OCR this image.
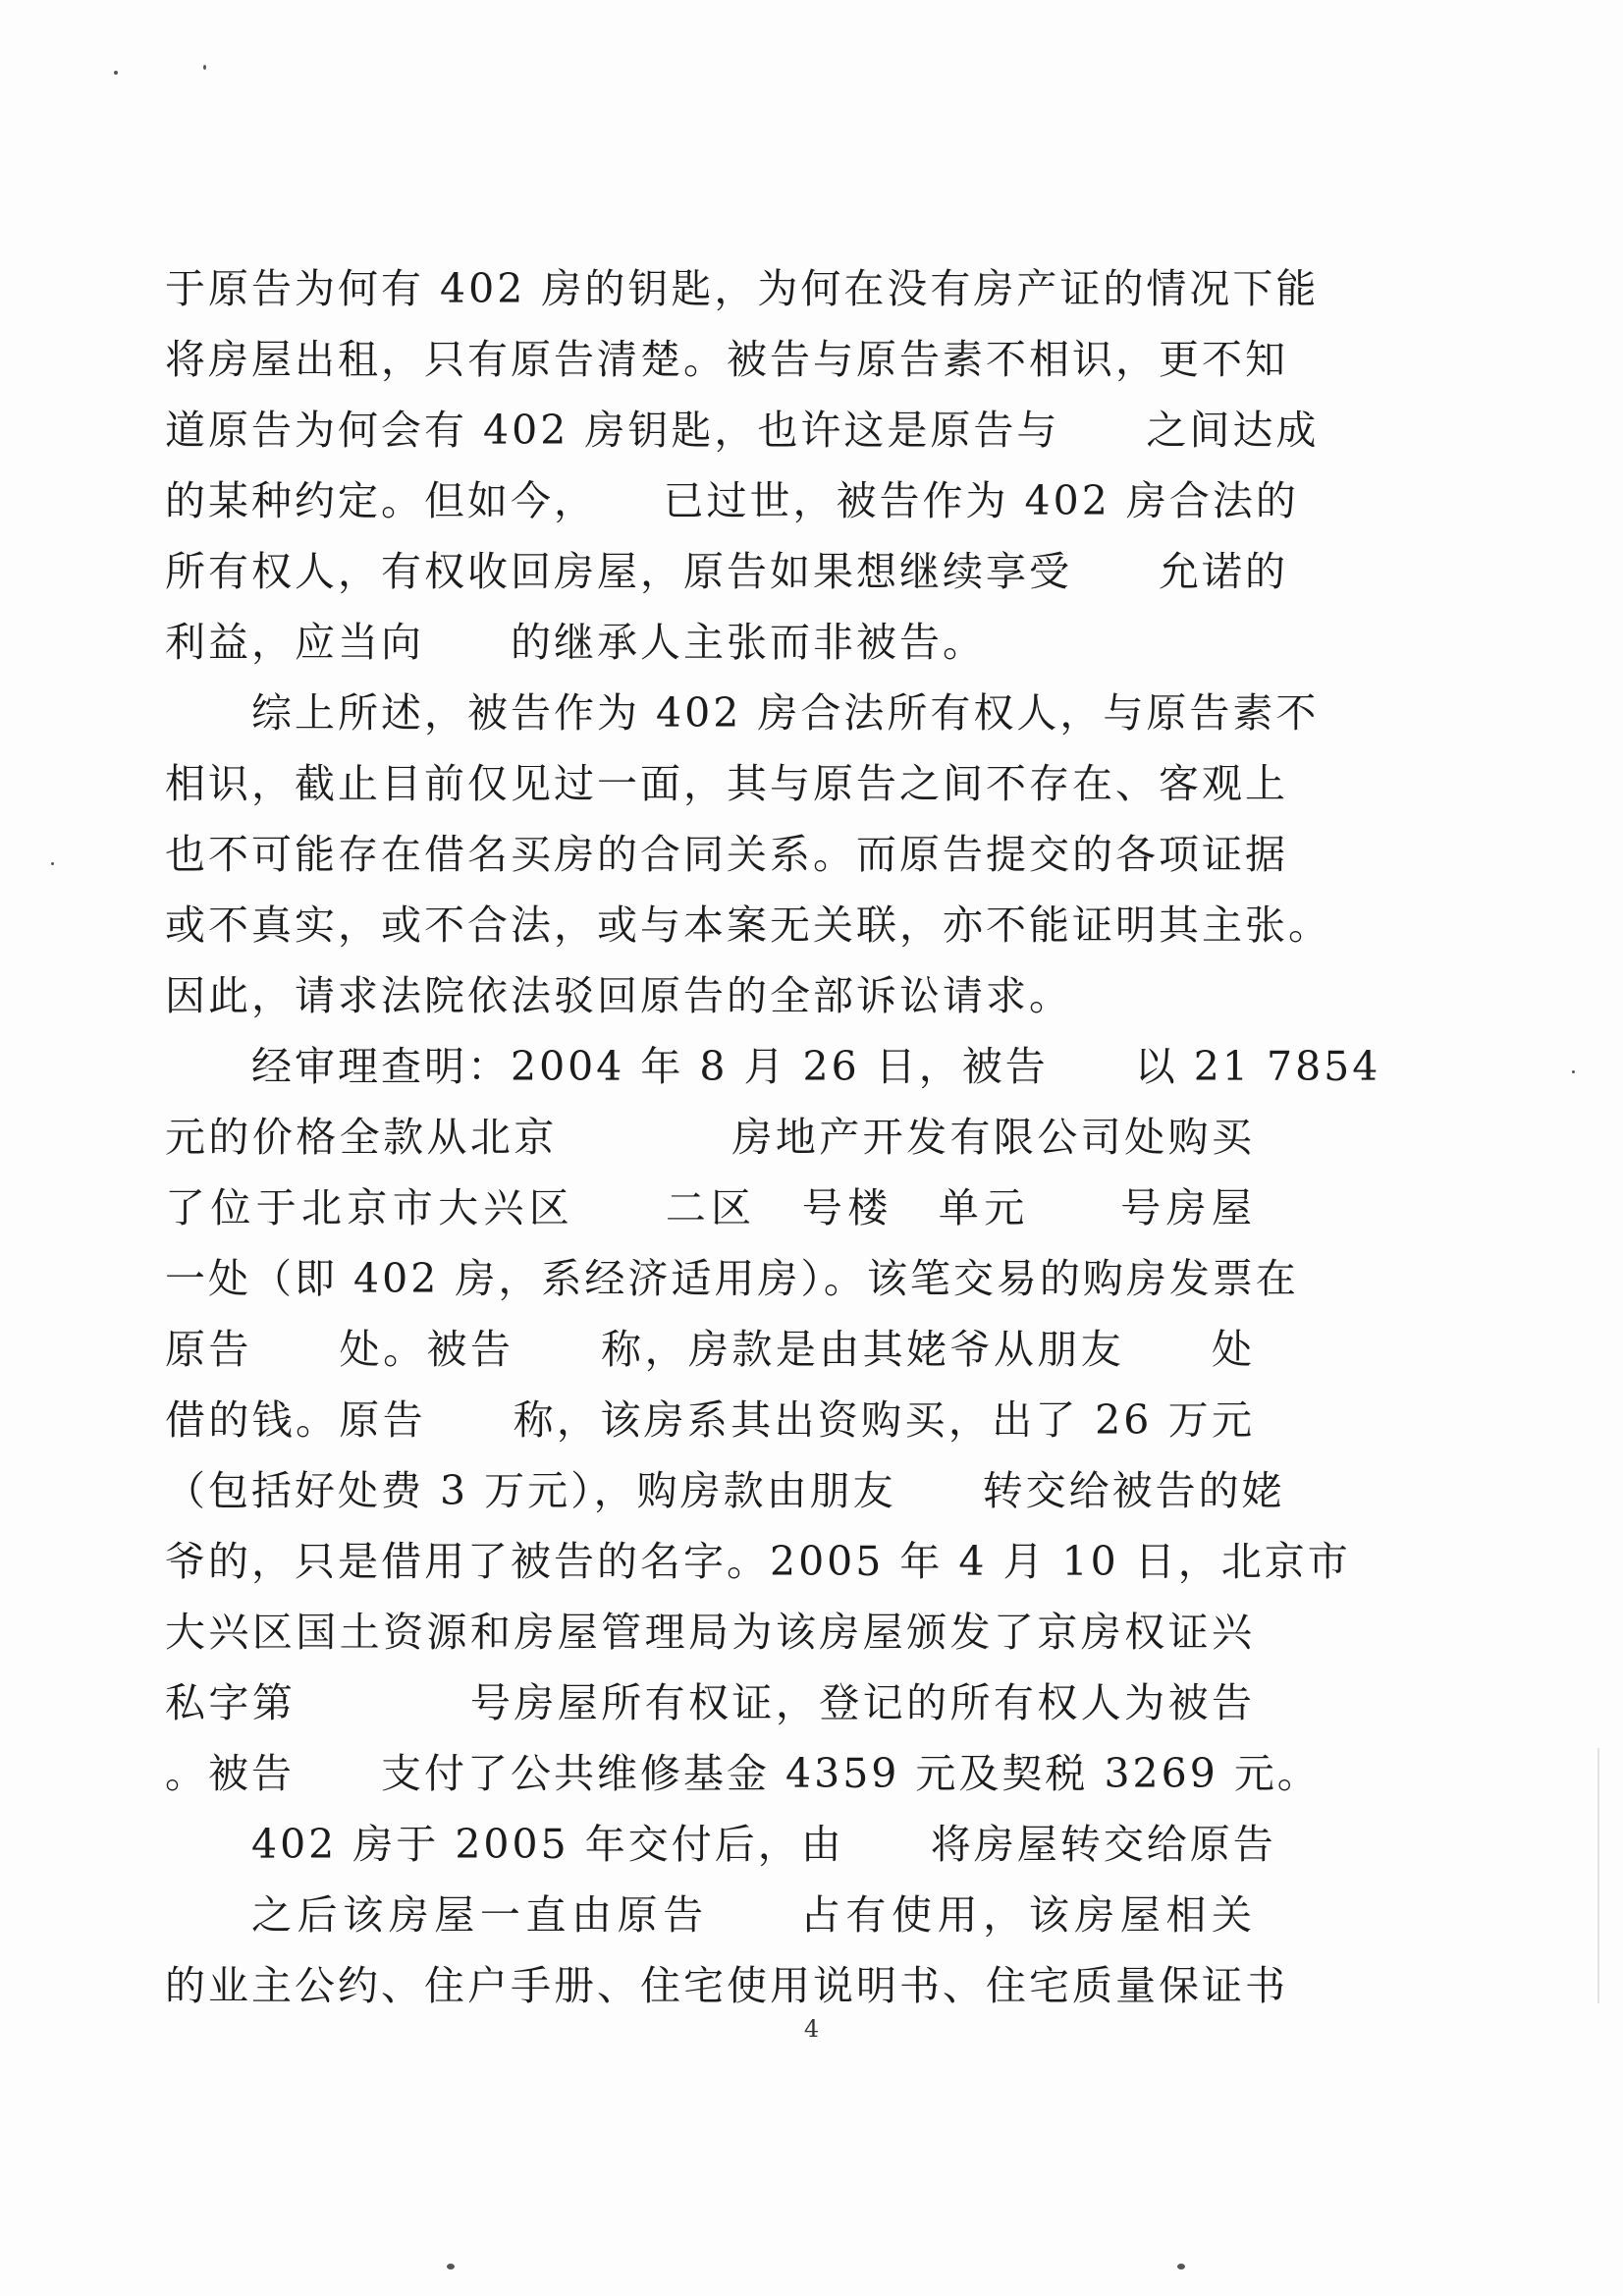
于原告为何有 402 房的钥匙，为何在没有房产证的情况下能
将房屋出租，只有原告清楚。被告与原告素不相识，更不知
道原告为何会有 402 房钥匙，也许这是原告与　　之间达成
的某种约定。但如今，　　已过世，被告作为 402 房合法的
所有权人，有权收回房屋，原告如果想继续享受　　允诺的
利益，应当向　　的继承人主张而非被告。
综上所述，被告作为 402 房合法所有权人，与原告素不
相识，截止目前仅见过一面，其与原告之间不存在、客观上
也不可能存在借名买房的合同关系。而原告提交的各项证据
或不真实，或不合法，或与本案无关联，亦不能证明其主张。
因此，请求法院依法驳回原告的全部诉讼请求。
经审理查明：2004 年 8 月 26 日，被告　　以 21 7854
元的价格全款从北京　　　　房地产开发有限公司处购买
了位于北京市大兴区　　二区　号楼　单元　　号房屋
一处（即 402 房，系经济适用房）。该笔交易的购房发票在
原告　　处。被告　　称，房款是由其姥爷从朋友　　处
借的钱。原告　　称，该房系其出资购买，出了 26 万元
（包括好处费 3 万元），购房款由朋友　　转交给被告的姥
爷的，只是借用了被告的名字。2005 年 4 月 10 日，北京市
大兴区国土资源和房屋管理局为该房屋颁发了京房权证兴
私字第　　　　号房屋所有权证，登记的所有权人为被告
。被告　　支付了公共维修基金 4359 元及契税 3269 元。
402 房于 2005 年交付后，由　　将房屋转交给原告
之后该房屋一直由原告　　占有使用，该房屋相关
的业主公约、住户手册、住宅使用说明书、住宅质量保证书
4
